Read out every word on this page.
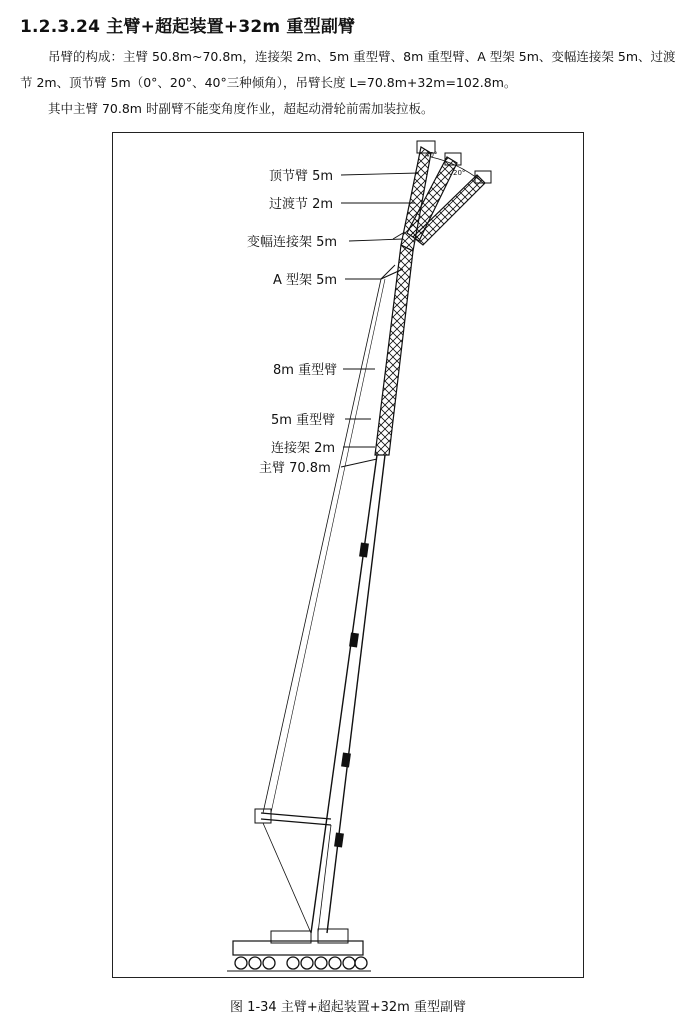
1.2.3.24 主臂+超起装置+32m 重型副臂
吊臂的构成：主臂 50.8m~70.8m，连接架 2m、5m 重型臂、8m 重型臂、A 型架 5m、变幅连接架 5m、过渡节 2m、顶节臂 5m（0°、20°、40°三种倾角），吊臂长度 L=70.8m+32m=102.8m。
其中主臂 70.8m 时副臂不能变角度作业，超起动滑轮前需加装拉板。
40°
20°
顶节臂 5m
过渡节 2m
变幅连接架 5m
A 型架 5m
8m 重型臂
5m 重型臂
连接架 2m
主臂 70.8m
图 1-34 主臂+超起装置+32m 重型副臂
